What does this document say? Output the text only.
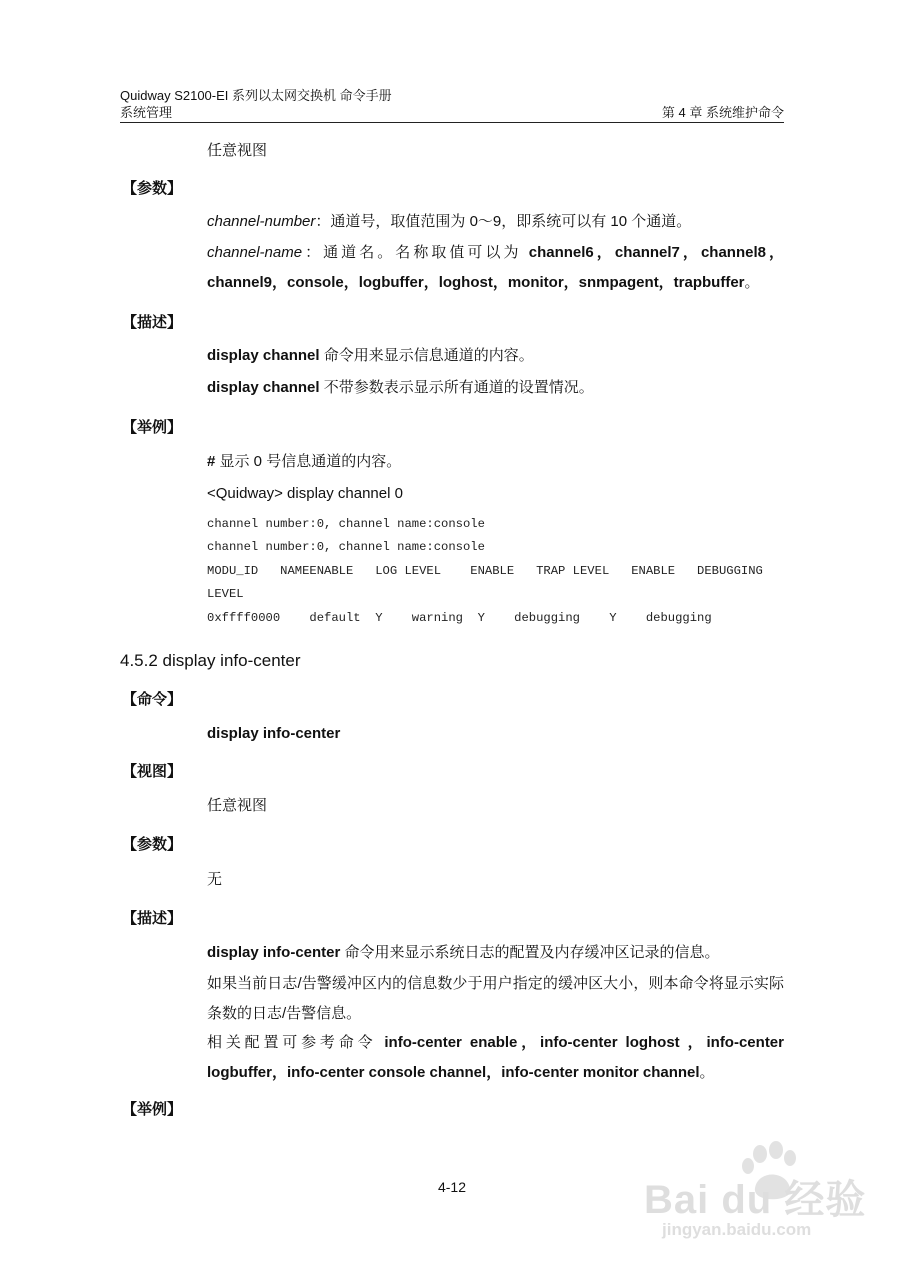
Quidway S2100-EI 系列以太网交换机 命令手册
系统管理	第 4 章 系统维护命令
任意视图
【参数】
channel-number：通道号，取值范围为 0～9，即系统可以有 10 个通道。
channel-name：通道名。名称取值可以为 channel6，channel7，channel8，channel9，console，logbuffer，loghost，monitor，snmpagent，trapbuffer。
【描述】
display channel 命令用来显示信息通道的内容。
display channel 不带参数表示显示所有通道的设置情况。
【举例】
# 显示 0 号信息通道的内容。
<Quidway> display channel 0
channel number:0, channel name:console
channel number:0, channel name:console
MODU_ID   NAMEENABLE   LOG LEVEL    ENABLE   TRAP LEVEL   ENABLE   DEBUGGING
LEVEL
0xffff0000    default  Y    warning  Y    debugging    Y    debugging
4.5.2 display info-center
【命令】
display info-center
【视图】
任意视图
【参数】
无
【描述】
display info-center 命令用来显示系统日志的配置及内存缓冲区记录的信息。
如果当前日志/告警缓冲区内的信息数少于用户指定的缓冲区大小，则本命令将显示实际条数的日志/告警信息。
相关配置可参考命令 info-center enable，info-center loghost ，info-center logbuffer，info-center console channel，info-center monitor channel。
【举例】
4-12	Bai du 经验
jingyan.baidu.com
